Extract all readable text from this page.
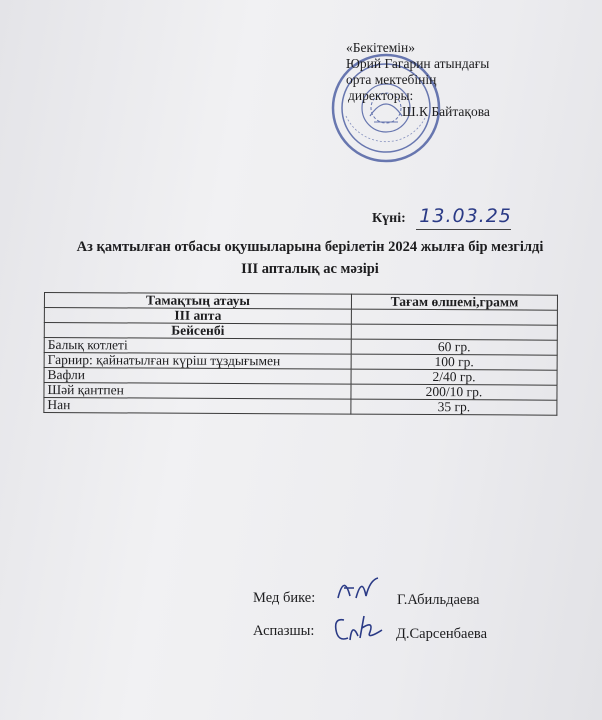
«Бекітемін»
Юрий Гагарин атындағы
орта мектебінің
директоры:
Ш.К Байтақова
Күні: 13.03.25
Аз қамтылған отбасы оқушыларына берілетін 2024 жылға бір мезгілді
III апталық ас мәзірі
Тамақтың атауы	Тағам өлшемі,грамм
III апта	
Бейсенбі	
Балық котлеті	60 гр.
Гарнир: қайнатылған күріш тұздығымен	100 гр.
Вафли	2/40 гр.
Шәй қантпен	200/10 гр.
Нан	35 гр.
Мед бике:	Г.Абильдаева
Аспазшы:	Д.Сарсенбаева
